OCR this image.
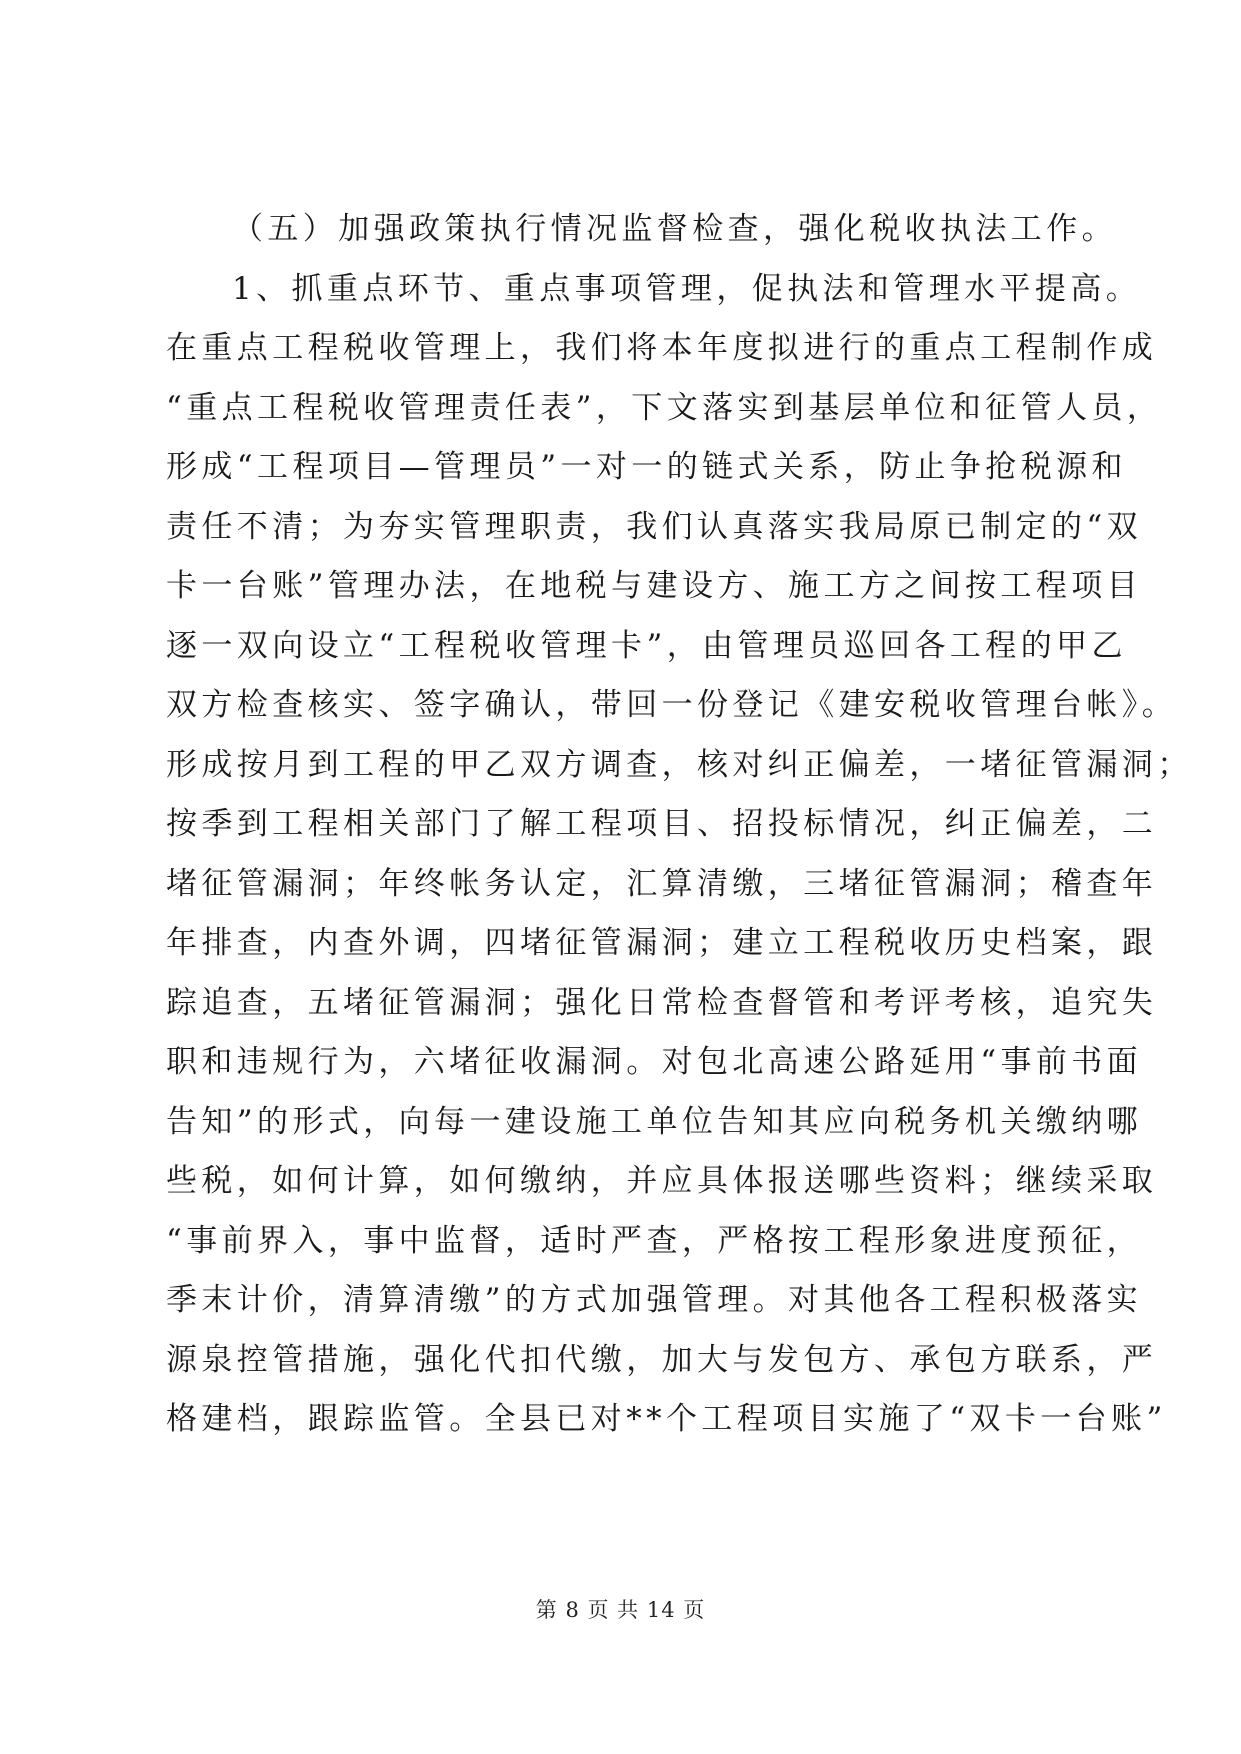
（五）加强政策执行情况监督检查，强化税收执法工作。
1、抓重点环节、重点事项管理，促执法和管理水平提高。
在重点工程税收管理上，我们将本年度拟进行的重点工程制作成
“重点工程税收管理责任表”，下文落实到基层单位和征管人员，
形成“工程项目—管理员”一对一的链式关系，防止争抢税源和
责任不清；为夯实管理职责，我们认真落实我局原已制定的“双
卡一台账”管理办法，在地税与建设方、施工方之间按工程项目
逐一双向设立“工程税收管理卡”，由管理员巡回各工程的甲乙
双方检查核实、签字确认，带回一份登记《建安税收管理台帐》。
形成按月到工程的甲乙双方调查，核对纠正偏差，一堵征管漏洞；
按季到工程相关部门了解工程项目、招投标情况，纠正偏差，二
堵征管漏洞；年终帐务认定，汇算清缴，三堵征管漏洞；稽查年
年排查，内查外调，四堵征管漏洞；建立工程税收历史档案，跟
踪追查，五堵征管漏洞；强化日常检查督管和考评考核，追究失
职和违规行为，六堵征收漏洞。对包北高速公路延用“事前书面
告知”的形式，向每一建设施工单位告知其应向税务机关缴纳哪
些税，如何计算，如何缴纳，并应具体报送哪些资料；继续采取
“事前界入，事中监督，适时严查，严格按工程形象进度预征，
季末计价，清算清缴”的方式加强管理。对其他各工程积极落实
源泉控管措施，强化代扣代缴，加大与发包方、承包方联系，严
格建档，跟踪监管。全县已对**个工程项目实施了“双卡一台账”
第 8 页 共 14 页
